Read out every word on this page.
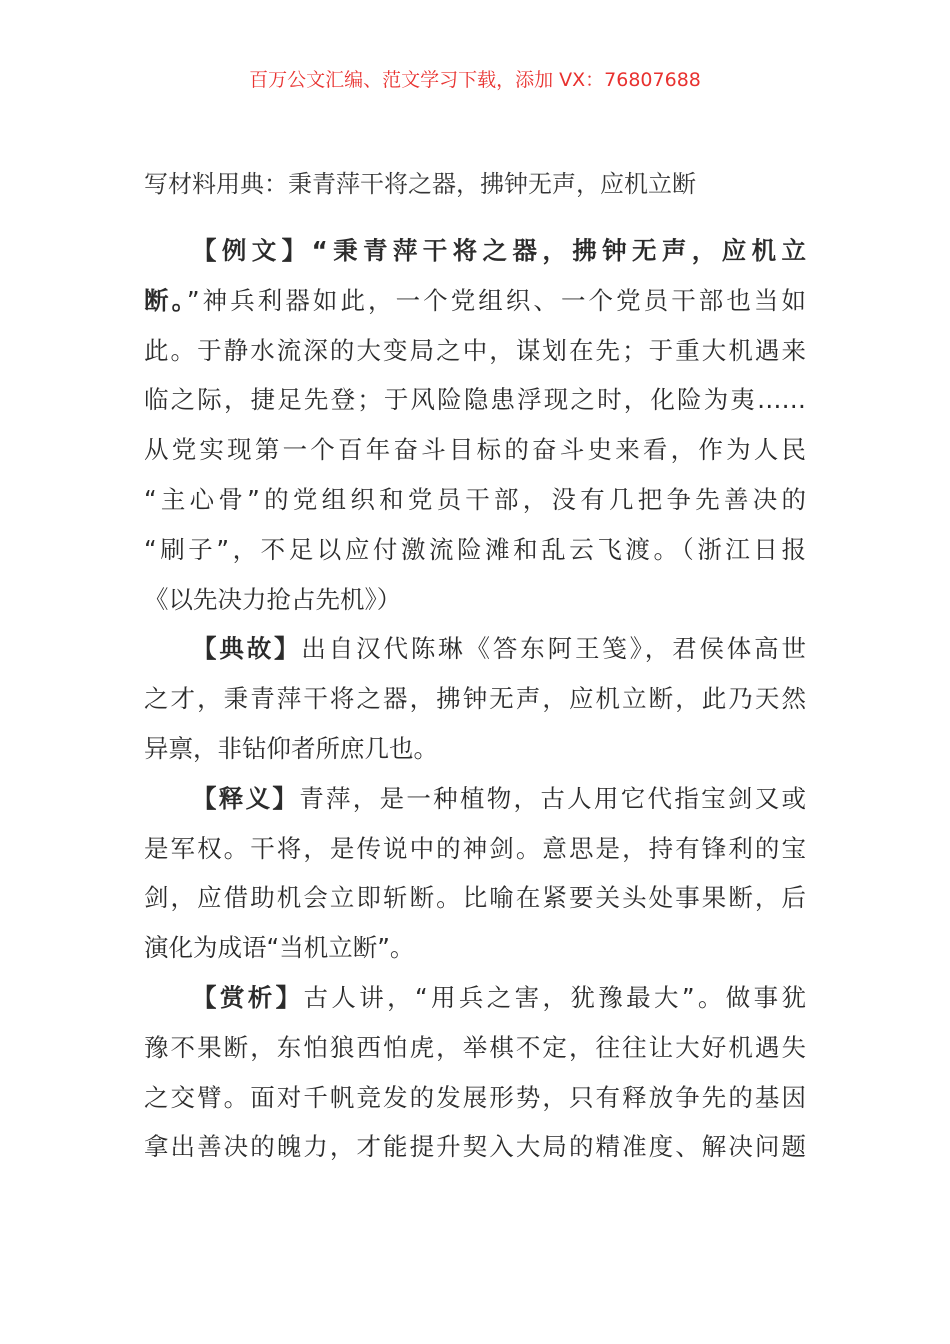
百万公文汇编、范文学习下载，添加 VX：76807688
写材料用典：秉青萍干将之器，拂钟无声，应机立断
【例文】“秉青萍干将之器，拂钟无声，应机立
断。”神兵利器如此，一个党组织、一个党员干部也当如
此。于静水流深的大变局之中，谋划在先；于重大机遇来
临之际，捷足先登；于风险隐患浮现之时，化险为夷……
从党实现第一个百年奋斗目标的奋斗史来看，作为人民
“主心骨”的党组织和党员干部，没有几把争先善决的
“刷子”，不足以应付激流险滩和乱云飞渡。（浙江日报
《以先决力抢占先机》）
【典故】出自汉代陈琳《答东阿王笺》，君侯体高世
之才，秉青萍干将之器，拂钟无声，应机立断，此乃天然
异禀，非钻仰者所庶几也。
【释义】青萍，是一种植物，古人用它代指宝剑又或
是军权。干将，是传说中的神剑。意思是，持有锋利的宝
剑，应借助机会立即斩断。比喻在紧要关头处事果断，后
演化为成语“当机立断”。
【赏析】古人讲，“用兵之害，犹豫最大”。做事犹
豫不果断，东怕狼西怕虎，举棋不定，往往让大好机遇失
之交臂。面对千帆竞发的发展形势，只有释放争先的基因
拿出善决的魄力，才能提升契入大局的精准度、解决问题
